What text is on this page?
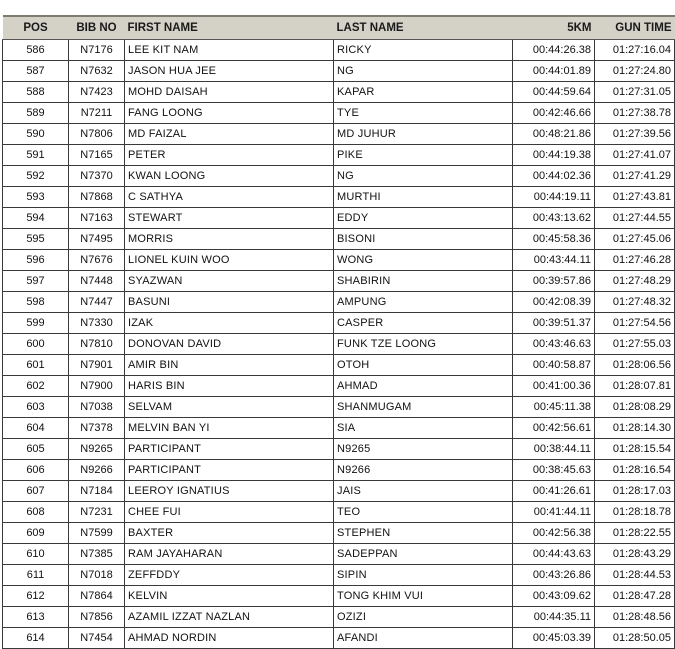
POS	BIB NO	FIRST NAME	LAST NAME	5KM	GUN TIME
586	N7176	LEE KIT NAM	RICKY	00:44:26.38	01:27:16.04
587	N7632	JASON HUA JEE	NG	00:44:01.89	01:27:24.80
588	N7423	MOHD DAISAH	KAPAR	00:44:59.64	01:27:31.05
589	N7211	FANG LOONG	TYE	00:42:46.66	01:27:38.78
590	N7806	MD FAIZAL	MD JUHUR	00:48:21.86	01:27:39.56
591	N7165	PETER	PIKE	00:44:19.38	01:27:41.07
592	N7370	KWAN LOONG	NG	00:44:02.36	01:27:41.29
593	N7868	C SATHYA	MURTHI	00:44:19.11	01:27:43.81
594	N7163	STEWART	EDDY	00:43:13.62	01:27:44.55
595	N7495	MORRIS	BISONI	00:45:58.36	01:27:45.06
596	N7676	LIONEL KUIN WOO	WONG	00:43:44.11	01:27:46.28
597	N7448	SYAZWAN	SHABIRIN	00:39:57.86	01:27:48.29
598	N7447	BASUNI	AMPUNG	00:42:08.39	01:27:48.32
599	N7330	IZAK	CASPER	00:39:51.37	01:27:54.56
600	N7810	DONOVAN DAVID	FUNK TZE LOONG	00:43:46.63	01:27:55.03
601	N7901	AMIR BIN	OTOH	00:40:58.87	01:28:06.56
602	N7900	HARIS BIN	AHMAD	00:41:00.36	01:28:07.81
603	N7038	SELVAM	SHANMUGAM	00:45:11.38	01:28:08.29
604	N7378	MELVIN BAN YI	SIA	00:42:56.61	01:28:14.30
605	N9265	PARTICIPANT	N9265	00:38:44.11	01:28:15.54
606	N9266	PARTICIPANT	N9266	00:38:45.63	01:28:16.54
607	N7184	LEEROY IGNATIUS	JAIS	00:41:26.61	01:28:17.03
608	N7231	CHEE FUI	TEO	00:41:44.11	01:28:18.78
609	N7599	BAXTER	STEPHEN	00:42:56.38	01:28:22.55
610	N7385	RAM JAYAHARAN	SADEPPAN	00:44:43.63	01:28:43.29
611	N7018	ZEFFDDY	SIPIN	00:43:26.86	01:28:44.53
612	N7864	KELVIN	TONG KHIM VUI	00:43:09.62	01:28:47.28
613	N7856	AZAMIL IZZAT NAZLAN	OZIZI	00:44:35.11	01:28:48.56
614	N7454	AHMAD NORDIN	AFANDI	00:45:03.39	01:28:50.05
